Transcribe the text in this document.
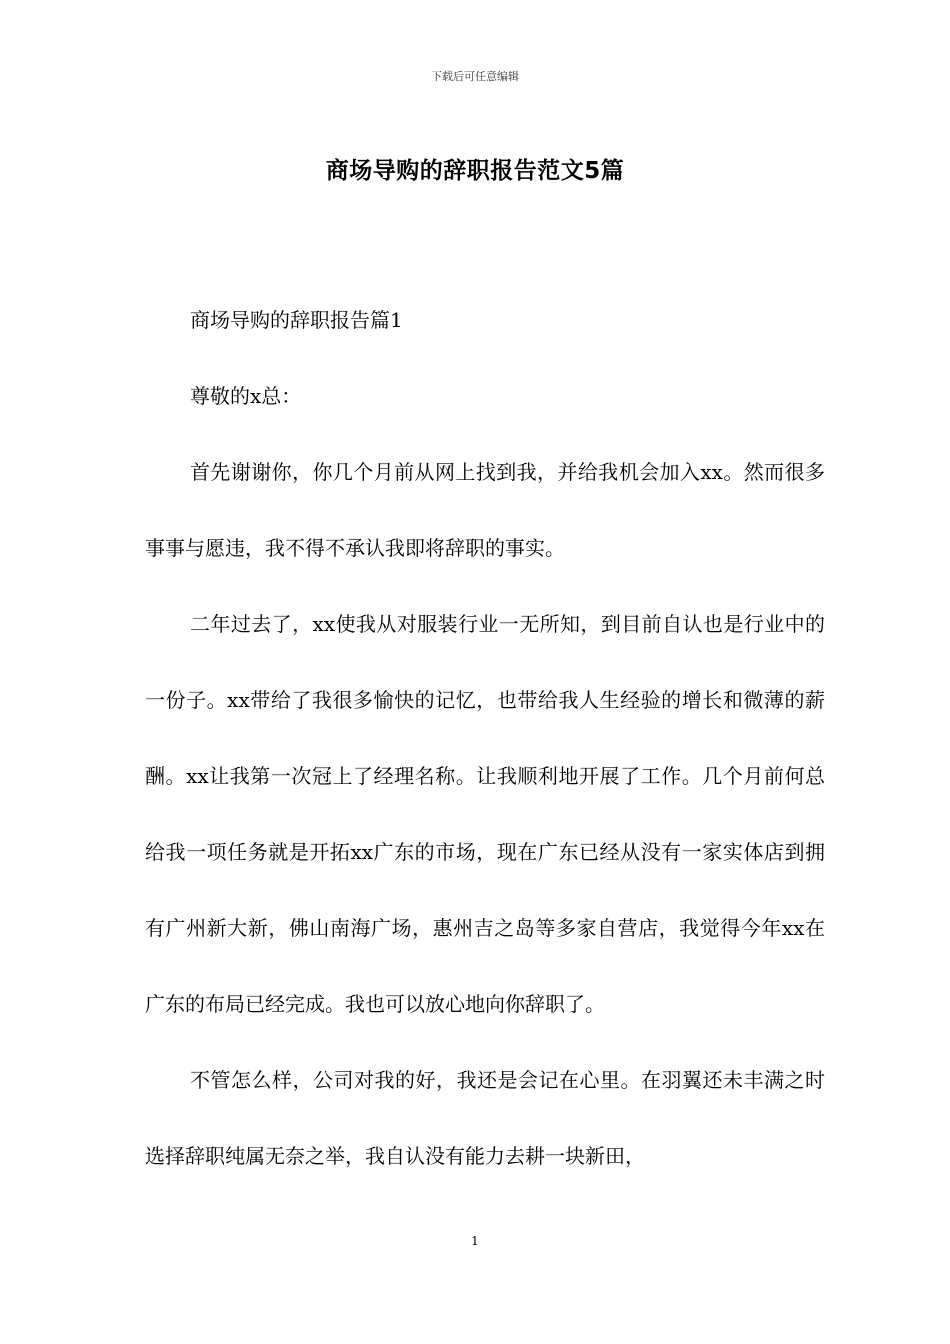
下载后可任意编辑
商场导购的辞职报告范文5篇

商场导购的辞职报告篇1

尊敬的x总：

首先谢谢你，你几个月前从网上找到我，并给我机会加入xx。然而很多事事与愿违，我不得不承认我即将辞职的事实。

二年过去了，xx使我从对服装行业一无所知，到目前自认也是行业中的一份子。xx带给了我很多愉快的记忆，也带给我人生经验的增长和微薄的薪酬。xx让我第一次冠上了经理名称。让我顺利地开展了工作。几个月前何总给我一项任务就是开拓xx广东的市场，现在广东已经从没有一家实体店到拥有广州新大新，佛山南海广场，惠州吉之岛等多家自营店，我觉得今年xx在广东的布局已经完成。我也可以放心地向你辞职了。

不管怎么样，公司对我的好，我还是会记在心里。在羽翼还未丰满之时选择辞职纯属无奈之举，我自认没有能力去耕一块新田，

1
